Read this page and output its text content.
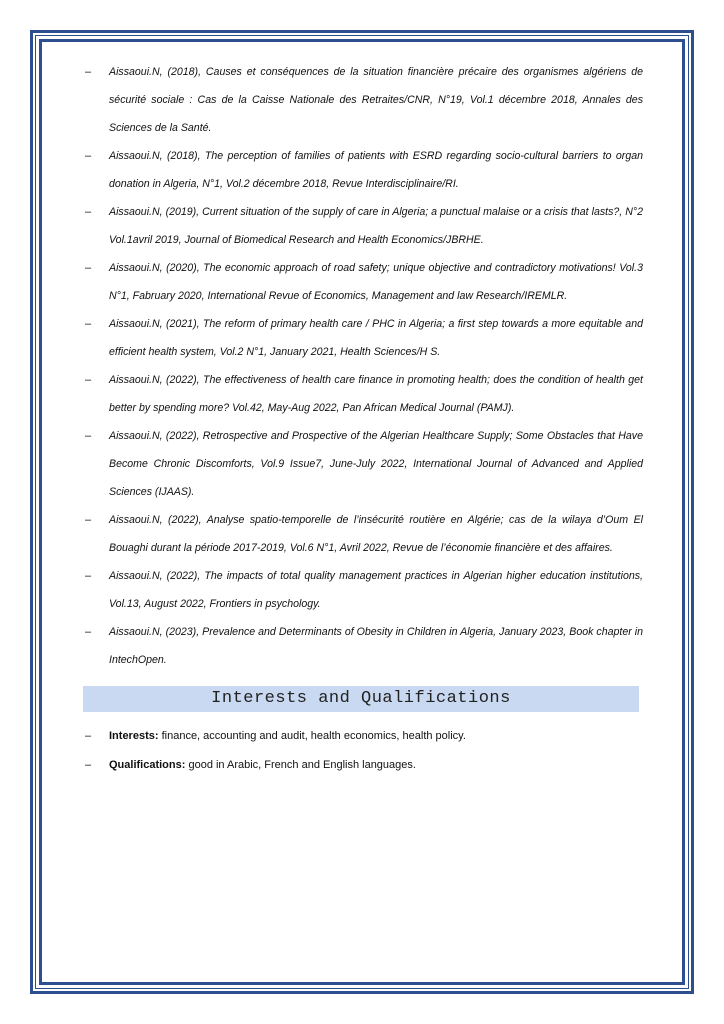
– Aissaoui.N, (2018), Causes et conséquences de la situation financière précaire des organismes algériens de sécurité sociale : Cas de la Caisse Nationale des Retraites/CNR, N°19, Vol.1 décembre 2018, Annales des Sciences de la Santé.
– Aissaoui.N, (2018), The perception of families of patients with ESRD regarding socio-cultural barriers to organ donation in Algeria, N°1, Vol.2 décembre 2018, Revue Interdisciplinaire/RI.
– Aissaoui.N, (2019), Current situation of the supply of care in Algeria; a punctual malaise or a crisis that lasts?, N°2 Vol.1avril 2019, Journal of Biomedical Research and Health Economics/JBRHE.
– Aissaoui.N, (2020), The economic approach of road safety; unique objective and contradictory motivations! Vol.3 N°1, Fabruary 2020, International Revue of Economics, Management and law Research/IREMLR.
– Aissaoui.N, (2021), The reform of primary health care / PHC in Algeria; a first step towards a more equitable and efficient health system, Vol.2 N°1, January 2021, Health Sciences/H S.
– Aissaoui.N, (2022), The effectiveness of health care finance in promoting health; does the condition of health get better by spending more? Vol.42, May-Aug 2022, Pan African Medical Journal (PAMJ).
– Aissaoui.N, (2022), Retrospective and Prospective of the Algerian Healthcare Supply; Some Obstacles that Have Become Chronic Discomforts, Vol.9 Issue7, June-July 2022, International Journal of Advanced and Applied Sciences (IJAAS).
– Aissaoui.N, (2022), Analyse spatio-temporelle de l’insécurité routière en Algérie; cas de la wilaya d’Oum El Bouaghi durant la période 2017-2019, Vol.6 N°1, Avril 2022, Revue de l’économie financière et des affaires.
– Aissaoui.N, (2022), The impacts of total quality management practices in Algerian higher education institutions, Vol.13, August 2022, Frontiers in psychology.
– Aissaoui.N, (2023), Prevalence and Determinants of Obesity in Children in Algeria, January 2023, Book chapter in IntechOpen.
Interests and Qualifications
– Interests: finance, accounting and audit, health economics, health policy.
– Qualifications: good in Arabic, French and English languages.
